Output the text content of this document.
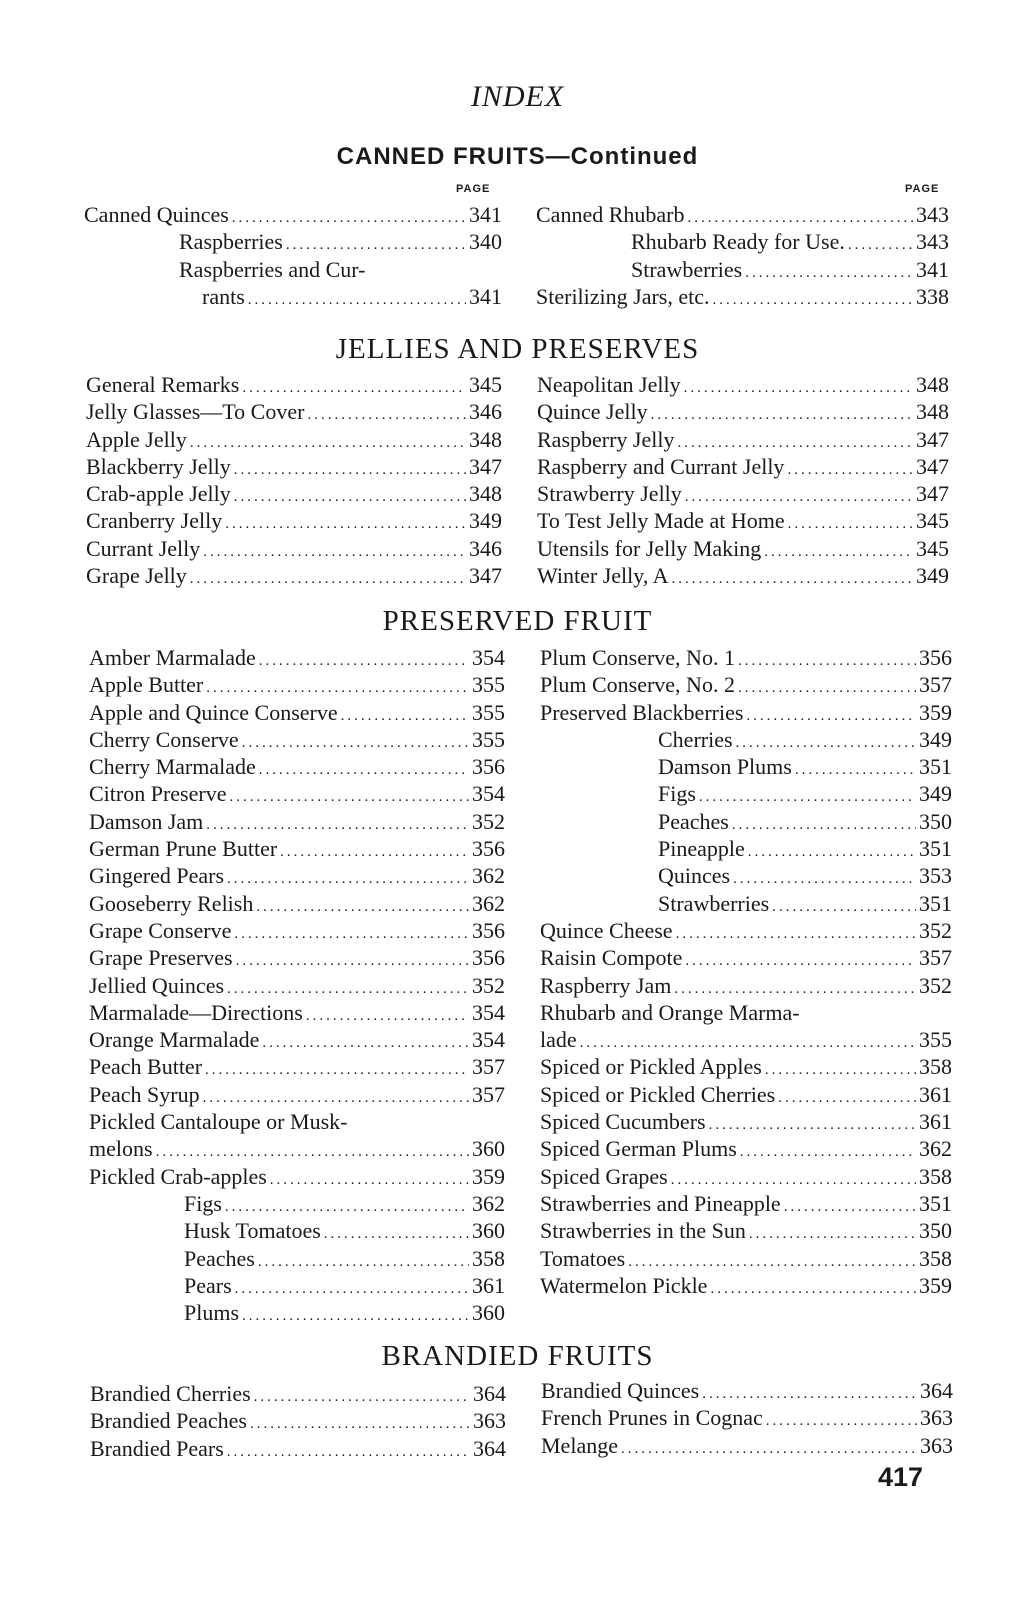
INDEX
CANNED FRUITS—Continued
PAGE	PAGE
Canned Quinces .....	341
Raspberries .....	340
Raspberries and Cur-
rants .....	341
Canned Rhubarb .....	343
Rhubarb Ready for Use. .....	343
Strawberries .....	341
Sterilizing Jars, etc. .....	338
JELLIES AND PRESERVES
General Remarks .....	345
Jelly Glasses—To Cover .....	346
Apple Jelly .....	348
Blackberry Jelly .....	347
Crab-apple Jelly .....	348
Cranberry Jelly .....	349
Currant Jelly .....	346
Grape Jelly .....	347
Neapolitan Jelly .....	348
Quince Jelly .....	348
Raspberry Jelly .....	347
Raspberry and Currant Jelly .....	347
Strawberry Jelly .....	347
To Test Jelly Made at Home .....	345
Utensils for Jelly Making .....	345
Winter Jelly, A .....	349
PRESERVED FRUIT
Amber Marmalade .....	354
Apple Butter .....	355
Apple and Quince Conserve .....	355
Cherry Conserve .....	355
Cherry Marmalade .....	356
Citron Preserve .....	354
Damson Jam .....	352
German Prune Butter .....	356
Gingered Pears .....	362
Gooseberry Relish .....	362
Grape Conserve .....	356
Grape Preserves .....	356
Jellied Quinces .....	352
Marmalade—Directions .....	354
Orange Marmalade .....	354
Peach Butter .....	357
Peach Syrup .....	357
Pickled Cantaloupe or Musk-
melons .....	360
Pickled Crab-apples .....	359
Figs .....	362
Husk Tomatoes .....	360
Peaches .....	358
Pears .....	361
Plums .....	360
Plum Conserve, No. 1 .....	356
Plum Conserve, No. 2 .....	357
Preserved Blackberries .....	359
Cherries .....	349
Damson Plums .....	351
Figs .....	349
Peaches .....	350
Pineapple .....	351
Quinces .....	353
Strawberries .....	351
Quince Cheese .....	352
Raisin Compote .....	357
Raspberry Jam .....	352
Rhubarb and Orange Marma-
lade .....	355
Spiced or Pickled Apples .....	358
Spiced or Pickled Cherries .....	361
Spiced Cucumbers .....	361
Spiced German Plums .....	362
Spiced Grapes .....	358
Strawberries and Pineapple .....	351
Strawberries in the Sun .....	350
Tomatoes .....	358
Watermelon Pickle .....	359
BRANDIED FRUITS
Brandied Cherries .....	364
Brandied Peaches .....	363
Brandied Pears .....	364
Brandied Quinces .....	364
French Prunes in Cognac .....	363
Melange .....	363
417
